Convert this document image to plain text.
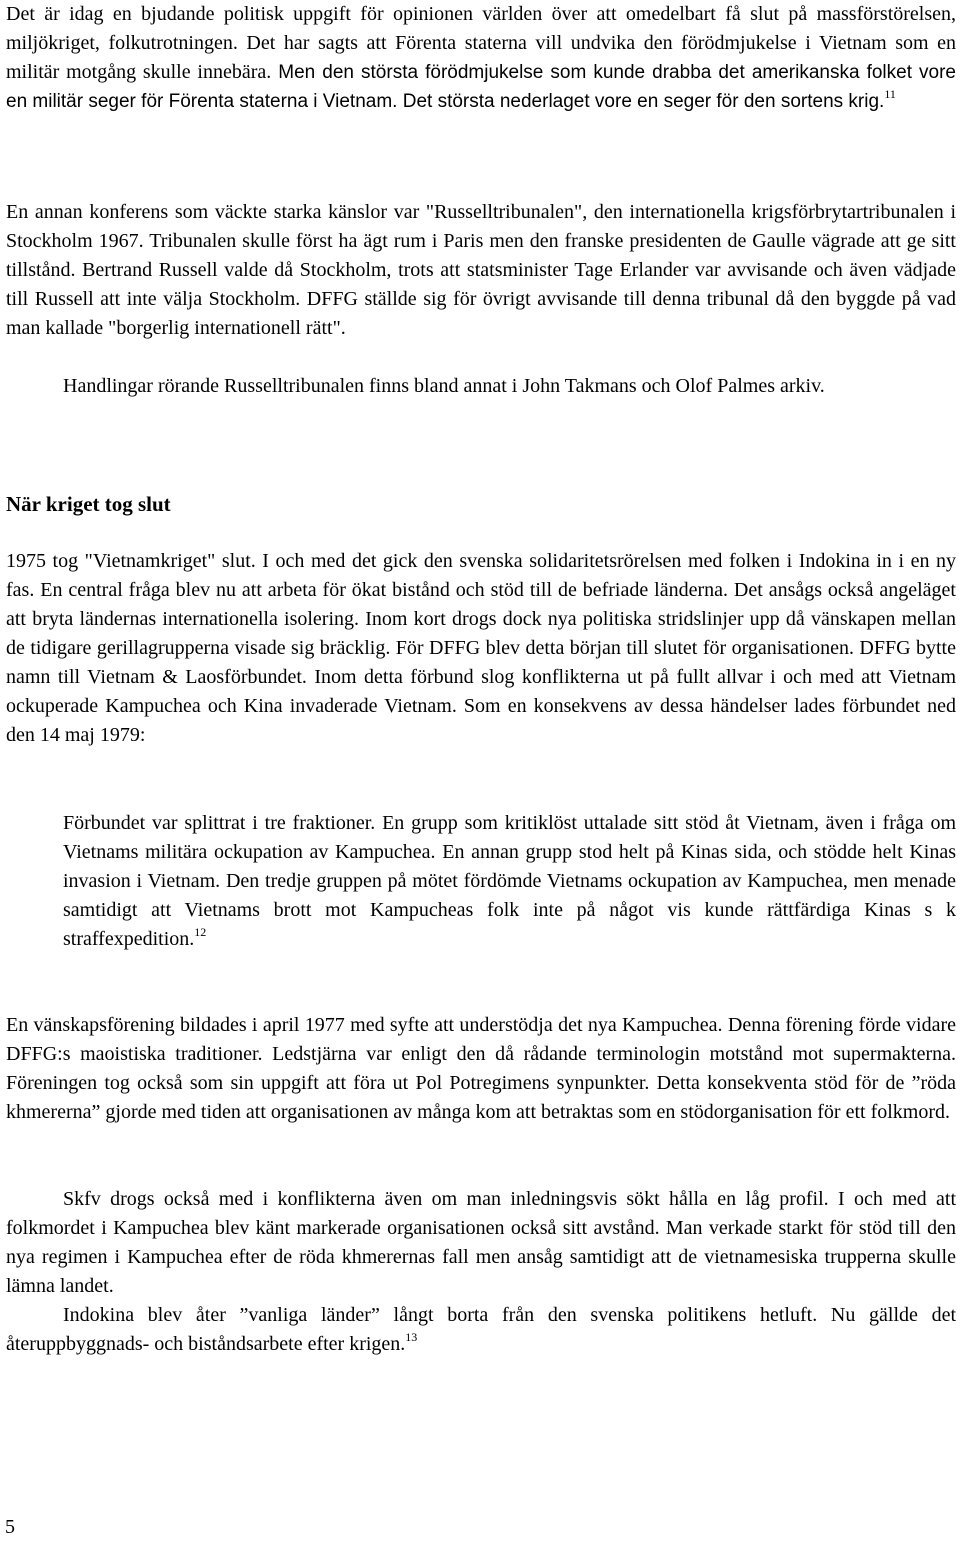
Det är idag en bjudande politisk uppgift för opinionen världen över att omedelbart få slut på massförstörelsen, miljökriget, folkutrotningen. Det har sagts att Förenta staterna vill undvika den förödmjukelse i Vietnam som en militär motgång skulle innebära. Men den största förödmjukelse som kunde drabba det amerikanska folket vore en militär seger för Förenta staterna i Vietnam. Det största nederlaget vore en seger för den sortens krig.$^{11}$

En annan konferens som väckte starka känslor var "Russelltribunalen", den internationella krigsförbrytartribunalen i Stockholm 1967. Tribunalen skulle först ha ägt rum i Paris men den franske presidenten de Gaulle vägrade att ge sitt tillstånd. Bertrand Russell valde då Stockholm, trots att statsminister Tage Erlander var avvisande och även vädjade till Russell att inte välja Stockholm. DFFG ställde sig för övrigt avvisande till denna tribunal då den byggde på vad man kallade "borgerlig internationell rätt".

Handlingar rörande Russelltribunalen finns bland annat i John Takmans och Olof Palmes arkiv.

När kriget tog slut

1975 tog "Vietnamkriget" slut. I och med det gick den svenska solidaritetsrörelsen med folken i Indokina in i en ny fas. En central fråga blev nu att arbeta för ökat bistånd och stöd till de befriade länderna. Det ansågs också angeläget att bryta ländernas internationella isolering. Inom kort drogs dock nya politiska stridslinjer upp då vänskapen mellan de tidigare gerillagrupperna visade sig bräcklig. För DFFG blev detta början till slutet för organisationen. DFFG bytte namn till Vietnam & Laosförbundet. Inom detta förbund slog konflikterna ut på fullt allvar i och med att Vietnam ockuperade Kampuchea och Kina invaderade Vietnam. Som en konsekvens av dessa händelser lades förbundet ned den 14 maj 1979:

Förbundet var splittrat i tre fraktioner. En grupp som kritiklöst uttalade sitt stöd åt Vietnam, även i fråga om Vietnams militära ockupation av Kampuchea. En annan grupp stod helt på Kinas sida, och stödde helt Kinas invasion i Vietnam. Den tredje gruppen på mötet fördömde Vietnams ockupation av Kampuchea, men menade samtidigt att Vietnams brott mot Kampucheas folk inte på något vis kunde rättfärdiga Kinas s k straffexpedition.$^{12}$

En vänskapsförening bildades i april 1977 med syfte att understödja det nya Kampuchea. Denna förening förde vidare DFFG:s maoistiska traditioner. Ledstjärna var enligt den då rådande terminologin motstånd mot supermakterna. Föreningen tog också som sin uppgift att föra ut Pol Potregimens synpunkter. Detta konsekventa stöd för de ”röda khmererna” gjorde med tiden att organisationen av många kom att betraktas som en stödorganisation för ett folkmord.

Skfv drogs också med i konflikterna även om man inledningsvis sökt hålla en låg profil. I och med att folkmordet i Kampuchea blev känt markerade organisationen också sitt avstånd. Man verkade starkt för stöd till den nya regimen i Kampuchea efter de röda khmerernas fall men ansåg samtidigt att de vietnamesiska trupperna skulle lämna landet.

Indokina blev åter ”vanliga länder” långt borta från den svenska politikens hetluft. Nu gällde det återuppbyggnads- och biståndsarbete efter krigen.$^{13}$

5
